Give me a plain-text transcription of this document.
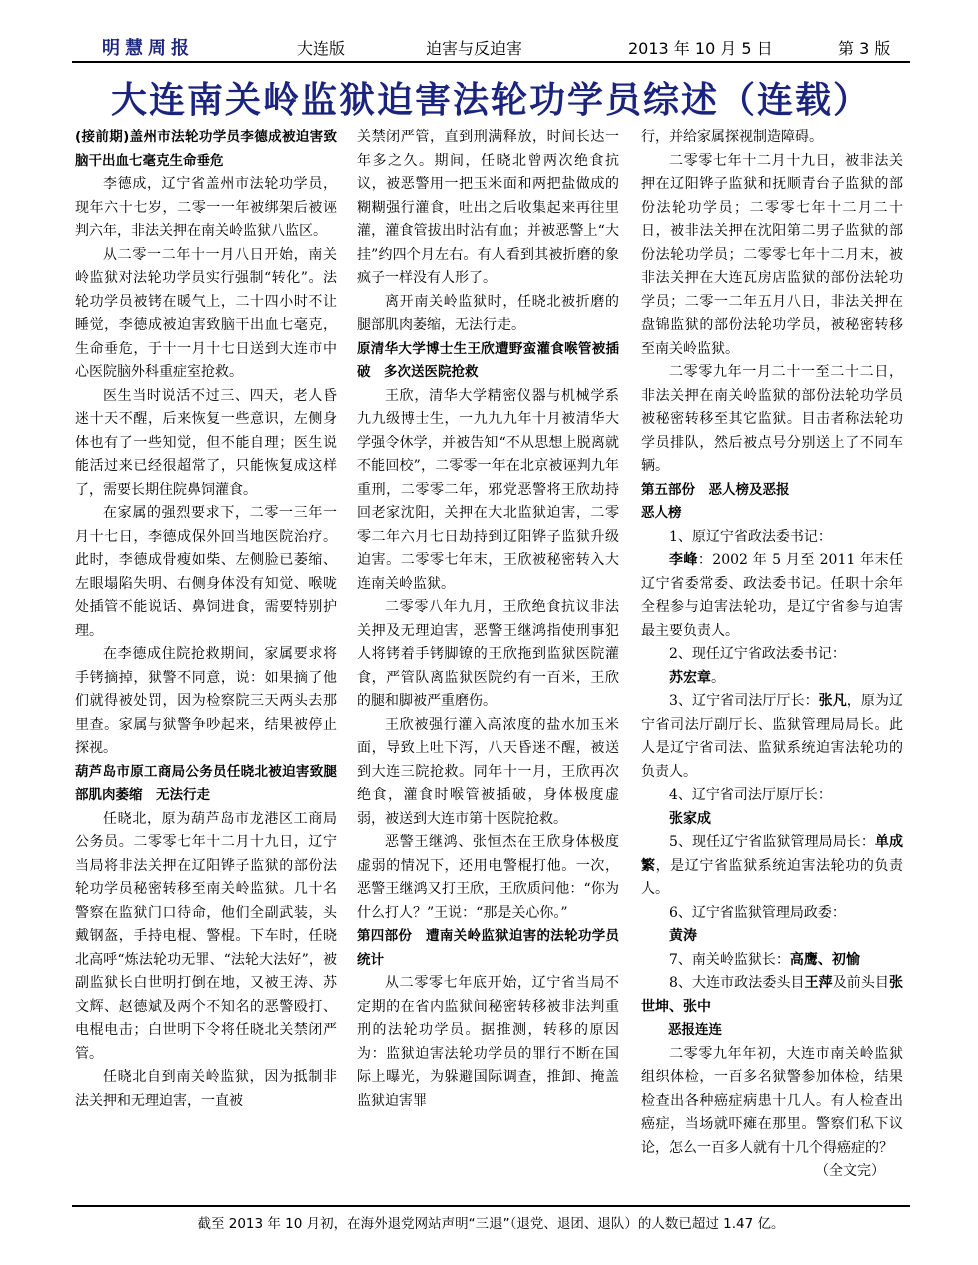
明慧周报	大连版	迫害与反迫害	2013 年 10 月 5 日	第 3 版
大连南关岭监狱迫害法轮功学员综述（连载）

(接前期)盖州市法轮功学员李德成被迫害致脑干出血七毫克生命垂危

李德成，辽宁省盖州市法轮功学员，现年六十七岁，二零一一年被绑架后被诬判六年，非法关押在南关岭监狱八监区。

从二零一二年十一月八日开始，南关岭监狱对法轮功学员实行强制“转化”。法轮功学员被铐在暖气上，二十四小时不让睡觉，李德成被迫害致脑干出血七毫克，生命垂危，于十一月十七日送到大连市中心医院脑外科重症室抢救。

医生当时说活不过三、四天，老人昏迷十天不醒，后来恢复一些意识，左侧身体也有了一些知觉，但不能自理；医生说能活过来已经很超常了，只能恢复成这样了，需要长期住院鼻饲灌食。

在家属的强烈要求下，二零一三年一月十七日，李德成保外回当地医院治疗。此时，李德成骨瘦如柴、左侧脸已萎缩、左眼塌陷失明、右侧身体没有知觉、喉咙处插管不能说话、鼻饲进食，需要特别护理。

在李德成住院抢救期间，家属要求将手铐摘掉，狱警不同意，说：如果摘了他们就得被处罚，因为检察院三天两头去那里查。家属与狱警争吵起来，结果被停止探视。

葫芦岛市原工商局公务员任晓北被迫害致腿部肌肉萎缩　无法行走

任晓北，原为葫芦岛市龙港区工商局公务员。二零零七年十二月十九日，辽宁当局将非法关押在辽阳铧子监狱的部份法轮功学员秘密转移至南关岭监狱。几十名警察在监狱门口待命，他们全副武装，头戴钢盔，手持电棍、警棍。下车时，任晓北高呼“炼法轮功无罪、“法轮大法好”，被副监狱长白世明打倒在地，又被王涛、苏文辉、赵德斌及两个不知名的恶警殴打、电棍电击；白世明下令将任晓北关禁闭严管。

任晓北自到南关岭监狱，因为抵制非法关押和无理迫害，一直被

关禁闭严管，直到刑满释放，时间长达一年多之久。期间，任晓北曾两次绝食抗议，被恶警用一把玉米面和两把盐做成的糊糊强行灌食，吐出之后收集起来再往里灌，灌食管拔出时沾有血；并被恶警上“大挂”约四个月左右。有人看到其被折磨的象疯子一样没有人形了。

离开南关岭监狱时，任晓北被折磨的腿部肌肉萎缩，无法行走。

原清华大学博士生王欣遭野蛮灌食喉管被插破　多次送医院抢救

王欣，清华大学精密仪器与机械学系九九级博士生，一九九九年十月被清华大学强令休学，并被告知“不从思想上脱离就不能回校”，二零零一年在北京被诬判九年重刑，二零零二年，邪党恶警将王欣劫持回老家沈阳，关押在大北监狱迫害，二零零二年六月七日劫持到辽阳铧子监狱升级迫害。二零零七年末，王欣被秘密转入大连南关岭监狱。

二零零八年九月，王欣绝食抗议非法关押及无理迫害，恶警王继鸿指使刑事犯人将铐着手铐脚镣的王欣拖到监狱医院灌食，严管队离监狱医院约有一百米，王欣的腿和脚被严重磨伤。

王欣被强行灌入高浓度的盐水加玉米面，导致上吐下泻，八天昏迷不醒，被送到大连三院抢救。同年十一月，王欣再次绝食，灌食时喉管被插破，身体极度虚弱，被送到大连市第十医院抢救。

恶警王继鸿、张恒杰在王欣身体极度虚弱的情况下，还用电警棍打他。一次，恶警王继鸿又打王欣，王欣质问他：“你为什么打人？”王说：“那是关心你。”

第四部份　遭南关岭监狱迫害的法轮功学员统计

从二零零七年底开始，辽宁省当局不定期的在省内监狱间秘密转移被非法判重刑的法轮功学员。据推测，转移的原因为：监狱迫害法轮功学员的罪行不断在国际上曝光，为躲避国际调查，推卸、掩盖监狱迫害罪

行，并给家属探视制造障碍。

二零零七年十二月十九日，被非法关押在辽阳铧子监狱和抚顺青台子监狱的部份法轮功学员；二零零七年十二月二十日，被非法关押在沈阳第二男子监狱的部份法轮功学员；二零零七年十二月末，被非法关押在大连瓦房店监狱的部份法轮功学员；二零一二年五月八日，非法关押在盘锦监狱的部份法轮功学员，被秘密转移至南关岭监狱。

二零零九年一月二十一至二十二日，非法关押在南关岭监狱的部份法轮功学员被秘密转移至其它监狱。目击者称法轮功学员排队，然后被点号分别送上了不同车辆。

第五部份　恶人榜及恶报

恶人榜

1、原辽宁省政法委书记：

李峰：2002 年 5 月至 2011 年末任辽宁省委常委、政法委书记。任职十余年全程参与迫害法轮功，是辽宁省参与迫害最主要负责人。

2、现任辽宁省政法委书记：

苏宏章。

3、辽宁省司法厅厅长：张凡，原为辽宁省司法厅副厅长、监狱管理局局长。此人是辽宁省司法、监狱系统迫害法轮功的负责人。

4、辽宁省司法厅原厅长：

张家成

5、现任辽宁省监狱管理局局长：单成繁，是辽宁省监狱系统迫害法轮功的负责人。

6、辽宁省监狱管理局政委：

黄涛

7、南关岭监狱长：高鹰、初愉

8、大连市政法委头目王萍及前头目张世坤、张中

　　恶报连连

二零零九年年初，大连市南关岭监狱组织体检，一百多名狱警参加体检，结果检查出各种癌症病患十几人。有人检查出癌症，当场就吓瘫在那里。警察们私下议论，怎么一百多人就有十几个得癌症的？

（全文完）

截至 2013 年 10 月初，在海外退党网站声明“三退”（退党、退团、退队）的人数已超过 1.47 亿。
